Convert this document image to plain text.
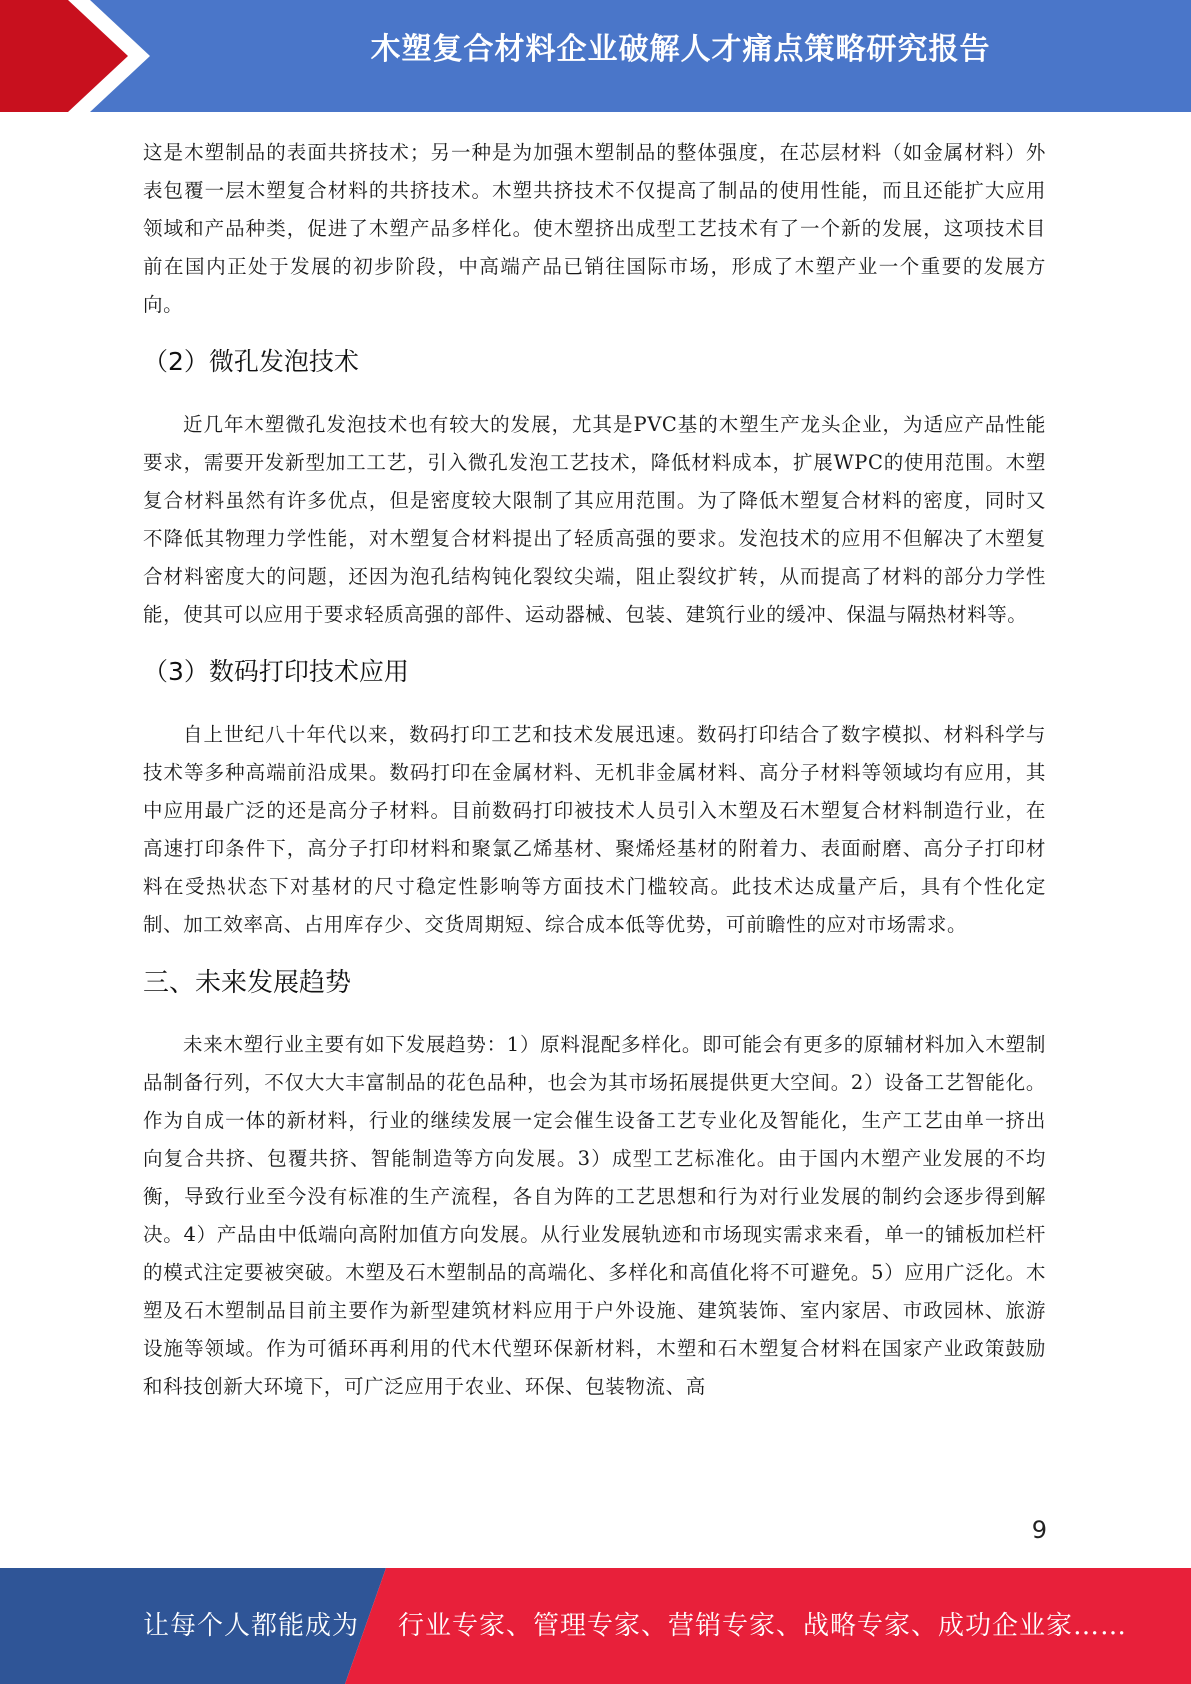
木塑复合材料企业破解人才痛点策略研究报告

这是木塑制品的表面共挤技术；另一种是为加强木塑制品的整体强度，在芯层材料（如金属材料）外表包覆一层木塑复合材料的共挤技术。木塑共挤技术不仅提高了制品的使用性能，而且还能扩大应用领域和产品种类，促进了木塑产品多样化。使木塑挤出成型工艺技术有了一个新的发展，这项技术目前在国内正处于发展的初步阶段，中高端产品已销往国际市场，形成了木塑产业一个重要的发展方向。

（2）微孔发泡技术

近几年木塑微孔发泡技术也有较大的发展，尤其是PVC基的木塑生产龙头企业，为适应产品性能要求，需要开发新型加工工艺，引入微孔发泡工艺技术，降低材料成本，扩展WPC的使用范围。木塑复合材料虽然有许多优点，但是密度较大限制了其应用范围。为了降低木塑复合材料的密度，同时又不降低其物理力学性能，对木塑复合材料提出了轻质高强的要求。发泡技术的应用不但解决了木塑复合材料密度大的问题，还因为泡孔结构钝化裂纹尖端，阻止裂纹扩转，从而提高了材料的部分力学性能，使其可以应用于要求轻质高强的部件、运动器械、包装、建筑行业的缓冲、保温与隔热材料等。

（3）数码打印技术应用

自上世纪八十年代以来，数码打印工艺和技术发展迅速。数码打印结合了数字模拟、材料科学与技术等多种高端前沿成果。数码打印在金属材料、无机非金属材料、高分子材料等领域均有应用，其中应用最广泛的还是高分子材料。目前数码打印被技术人员引入木塑及石木塑复合材料制造行业，在高速打印条件下，高分子打印材料和聚氯乙烯基材、聚烯烃基材的附着力、表面耐磨、高分子打印材料在受热状态下对基材的尺寸稳定性影响等方面技术门槛较高。此技术达成量产后，具有个性化定制、加工效率高、占用库存少、交货周期短、综合成本低等优势，可前瞻性的应对市场需求。

三、未来发展趋势

未来木塑行业主要有如下发展趋势：1）原料混配多样化。即可能会有更多的原辅材料加入木塑制品制备行列，不仅大大丰富制品的花色品种，也会为其市场拓展提供更大空间。2）设备工艺智能化。作为自成一体的新材料，行业的继续发展一定会催生设备工艺专业化及智能化，生产工艺由单一挤出向复合共挤、包覆共挤、智能制造等方向发展。3）成型工艺标准化。由于国内木塑产业发展的不均衡，导致行业至今没有标准的生产流程，各自为阵的工艺思想和行为对行业发展的制约会逐步得到解决。4）产品由中低端向高附加值方向发展。从行业发展轨迹和市场现实需求来看，单一的铺板加栏杆的模式注定要被突破。木塑及石木塑制品的高端化、多样化和高值化将不可避免。5）应用广泛化。木塑及石木塑制品目前主要作为新型建筑材料应用于户外设施、建筑装饰、室内家居、市政园林、旅游设施等领域。作为可循环再利用的代木代塑环保新材料，木塑和石木塑复合材料在国家产业政策鼓励和科技创新大环境下，可广泛应用于农业、环保、包装物流、高

9
让每个人都能成为 行业专家、管理专家、营销专家、战略专家、成功企业家……
